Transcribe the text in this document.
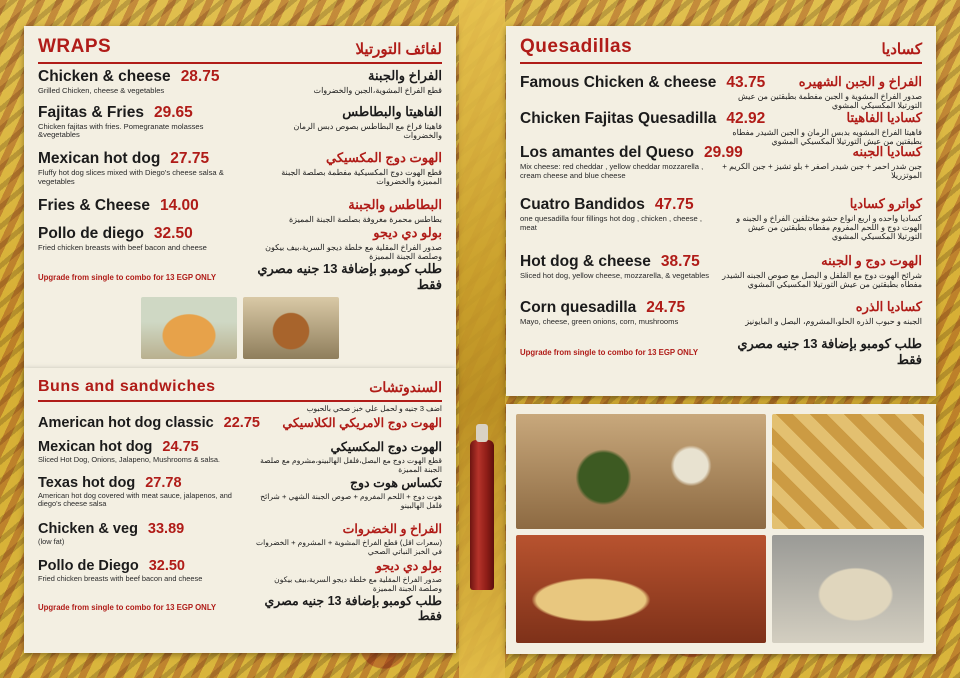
WRAPS	لفائف التورتيلا
Chicken & cheese 28.75
Grilled Chicken, cheese & vegetables
الفراخ والجبنة
قطع الفراخ المشوية،الجبن والخضروات
Fajitas & Fries 29.65
Chicken fajitas with fries. Pomegranate molasses &vegetables
الفاهيتا والبطاطس
فاهيتا فراخ مع البطاطس بصوص دبس الرمان والخضروات
Mexican hot dog 27.75
Fluffy hot dog slices mixed with Diego's cheese salsa & vegetables
الهوت دوج المكسيكي
قطع الهوت دوج المكسيكية مفطمة بصلصة الجبنة المميزة والخضروات
Fries & Cheese 14.00	البطاطس والجبنة
بطاطس محمرة مغروفة بصلصة الجبنة المميزة
Pollo de diego 32.50
Fried chicken breasts with beef bacon and cheese
بولو دي ديجو
صدور الفراخ المقلية مع خلطة ديجو السرية،بيف بيكون وصلصة الجبنة المميزة
Upgrade from single to combo for 13 EGP ONLY
طلب كومبو بإضافة 13 جنيه مصري فقط
Buns and sandwiches	السندوتشات
اضف 3 جنيه و لحمل علي خبز صحي بالحبوب
American hot dog classic 22.75 الهوت دوج الامريكي الكلاسيكي
Mexican hot dog 24.75
Sliced Hot Dog, Onions, Jalapeno, Mushrooms & salsa.
الهوت دوج المكسيكي
قطع الهوت دوج مع البصل،فلفل الهالبينو،مشروم مع صلصة الجبنة المميزة
Texas hot dog 27.78
American hot dog covered with meat sauce, jalapenos, and diego's cheese salsa
تكساس هوت دوج
هوت دوج + اللحم المفروم + صوص الجبنة الشهي + شرائح فلفل الهالبينو
Chicken & veg 33.89
(low fat)
الفراخ و الخضروات
(سعرات اقل) قطع الفراخ المشوية + المشروم + الخضروات في الخبز النباتي الصحي
Pollo de Diego 32.50
Fried chicken breasts with beef bacon and cheese
بولو دي ديجو
صدور الفراخ المقلية مع خلطة ديجو السرية،بيف بيكون وصلصة الجبنة المميزة
Upgrade from single to combo for 13 EGP ONLY	طلب كومبو بإضافة 13 جنيه مصري فقط
Quesadillas	كساديا
Famous Chicken & cheese 43.75	الفراخ و الجبن الشهيره
صدور الفراخ المشوية و الجبن مفطمة بطبقتين من عيش التورتيلا المكسيكي المشوي
Chicken Fajitas Quesadilla 42.92	كساديا الفاهيتا
فاهيتا الفراخ المشويه بدبس الرمان و الجبن الشيدر مفطاه بطبقتين من عيش التورتيلا المكسيكي المشوي
Los amantes del Queso 29.99
Mix cheese: red cheddar , yellow cheddar mozzarella , cream cheese and blue cheese
كساديا الجبنه
جبن شدر احمر + جبن شيدر اصفر + بلو تشيز + جبن الكريم + الموتزريلا
Cuatro Bandidos 47.75
one quesadilla four fillings hot dog , chicken , cheese , meat
كواترو كساديا
كساديا واحده و اربع انواع حشو مختلفين الفراخ و الجبنه و الهوت دوج و اللحم المفروم مفطاه بطبقتين من عيش التورتيلا المكسيكي المشوي
Hot dog & cheese 38.75
Sliced hot dog, yellow cheese, mozzarella, & vegetables
الهوت دوج و الجبنه
شرائح الهوت دوج مع الفلفل و البصل مع صوص الجبنه الشيدر مفطاه بطبقتين من عيش التورتيلا المكسيكي المشوي
Corn quesadilla 24.75
Mayo, cheese, green onions, corn, mushrooms
كساديا الذره
الجبنه و حبوب الذره الحلو،المشروم، البصل و المايونيز
Upgrade from single to combo for 13 EGP ONLY
طلب كومبو بإضافة 13 جنيه مصري فقط
